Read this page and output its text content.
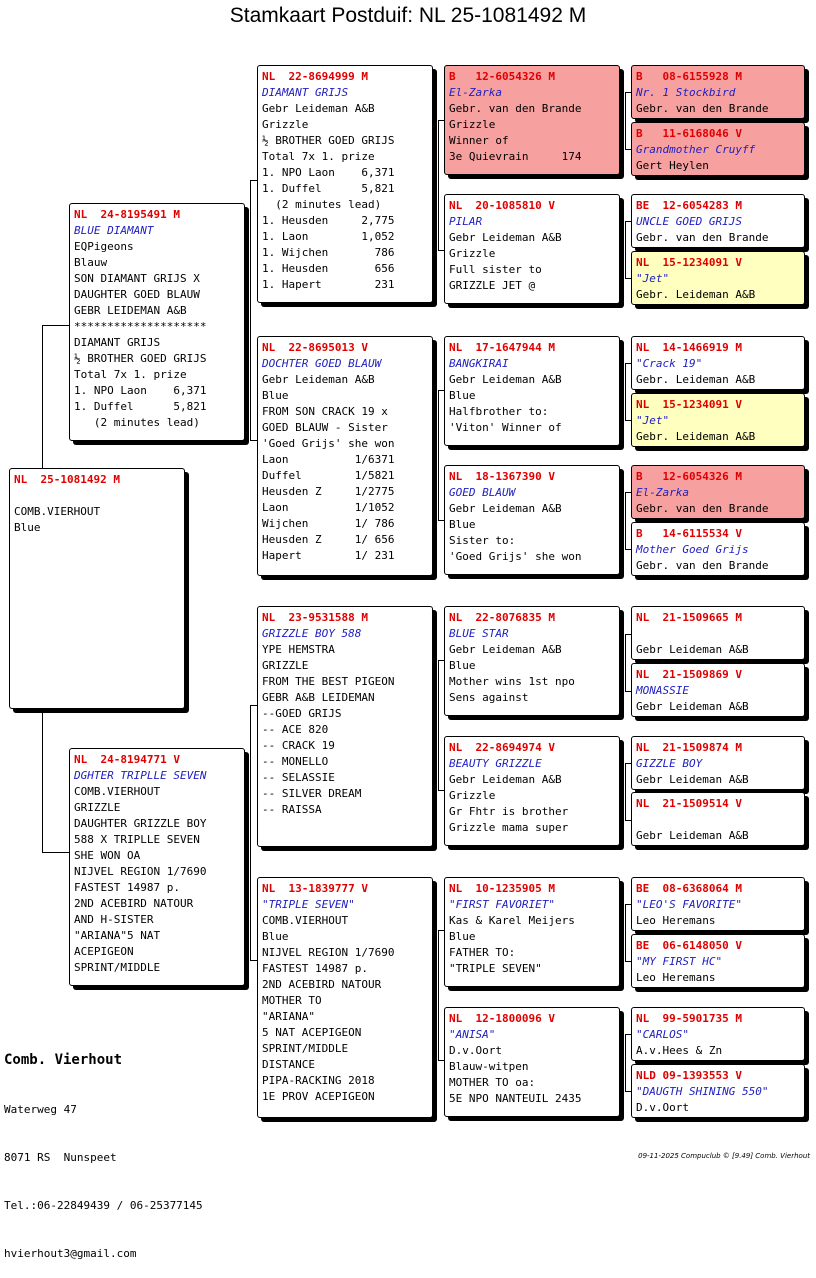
Stamkaart Postduif: NL 25-1081492 M
NL  25-1081492 M

COMB.VIERHOUT
Blue
NL  24-8195491 M
BLUE DIAMANT
EQPigeons
Blauw
SON DIAMANT GRIJS X
DAUGHTER GOED BLAUW
GEBR LEIDEMAN A&B
********************
DIAMANT GRIJS
½ BROTHER GOED GRIJS
Total 7x 1. prize
1. NPO Laon    6,371
1. Duffel      5,821
(2 minutes lead)
NL  24-8194771 V
DGHTER TRIPLLE SEVEN
COMB.VIERHOUT
GRIZZLE
DAUGHTER GRIZZLE BOY
588 X TRIPLLE SEVEN
SHE WON OA
NIJVEL REGION 1/7690
FASTEST 14987 p.
2ND ACEBIRD NATOUR
AND H-SISTER
"ARIANA"5 NAT
ACEPIGEON
SPRINT/MIDDLE
NL  22-8694999 M
DIAMANT GRIJS
Gebr Leideman A&B
Grizzle
½ BROTHER GOED GRIJS
Total 7x 1. prize
1. NPO Laon    6,371
1. Duffel      5,821
(2 minutes lead)
1. Heusden     2,775
1. Laon        1,052
1. Wijchen       786
1. Heusden       656
1. Hapert        231
NL  22-8695013 V
DOCHTER GOED BLAUW
Gebr Leideman A&B
Blue
FROM SON CRACK 19 x
GOED BLAUW - Sister
'Goed Grijs' she won
Laon          1/6371
Duffel        1/5821
Heusden Z     1/2775
Laon          1/1052
Wijchen       1/ 786
Heusden Z     1/ 656
Hapert        1/ 231
NL  23-9531588 M
GRIZZLE BOY 588
YPE HEMSTRA
GRIZZLE
FROM THE BEST PIGEON
GEBR A&B LEIDEMAN
--GOED GRIJS
-- ACE 820
-- CRACK 19
-- MONELLO
-- SELASSIE
-- SILVER DREAM
-- RAISSA
NL  13-1839777 V
"TRIPLE SEVEN"
COMB.VIERHOUT
Blue
NIJVEL REGION 1/7690
FASTEST 14987 p.
2ND ACEBIRD NATOUR
MOTHER TO
"ARIANA"
5 NAT ACEPIGEON
SPRINT/MIDDLE
DISTANCE
PIPA-RACKING 2018
1E PROV ACEPIGEON
B   12-6054326 M
El-Zarka
Gebr. van den Brande
Grizzle
Winner of
3e Quievrain     174
NL  20-1085810 V
PILAR
Gebr Leideman A&B
Grizzle
Full sister to
GRIZZLE JET @
NL  17-1647944 M
BANGKIRAI
Gebr Leideman A&B
Blue
Halfbrother to:
'Viton' Winner of
NL  18-1367390 V
GOED BLAUW
Gebr Leideman A&B
Blue
Sister to:
'Goed Grijs' she won
NL  22-8076835 M
BLUE STAR
Gebr Leideman A&B
Blue
Mother wins 1st npo
Sens against
NL  22-8694974 V
BEAUTY GRIZZLE
Gebr Leideman A&B
Grizzle
Gr Fhtr is brother
Grizzle mama super
NL  10-1235905 M
"FIRST FAVORIET"
Kas & Karel Meijers
Blue
FATHER TO:
"TRIPLE SEVEN"
NL  12-1800096 V
"ANISA"
D.v.Oort
Blauw-witpen
MOTHER TO oa:
5E NPO NANTEUIL 2435
B   08-6155928 M
Nr. 1 Stockbird
Gebr. van den Brande
B   11-6168046 V
Grandmother Cruyff
Gert Heylen
BE  12-6054283 M
UNCLE GOED GRIJS
Gebr. van den Brande
NL  15-1234091 V
"Jet"
Gebr. Leideman A&B
NL  14-1466919 M
"Crack 19"
Gebr. Leideman A&B
NL  15-1234091 V
"Jet"
Gebr. Leideman A&B
B   12-6054326 M
El-Zarka
Gebr. van den Brande
B   14-6115534 V
Mother Goed Grijs
Gebr. van den Brande
NL  21-1509665 M

Gebr Leideman A&B
NL  21-1509869 V
MONASSIE
Gebr Leideman A&B
NL  21-1509874 M
GIZZLE BOY
Gebr Leideman A&B
NL  21-1509514 V

Gebr Leideman A&B
BE  08-6368064 M
"LEO'S FAVORITE"
Leo Heremans
BE  06-6148050 V
"MY FIRST HC"
Leo Heremans
NL  99-5901735 M
"CARLOS"
A.v.Hees & Zn
NLD 09-1393553 V
"DAUGTH SHINING 550"
D.v.Oort

Comb. Vierhout

Waterweg 47

8071 RS  Nunspeet

Tel.:06-22849439 / 06-25377145

hvierhout3@gmail.com

09-11-2025 Compuclub © [9.49] Comb. Vierhout
